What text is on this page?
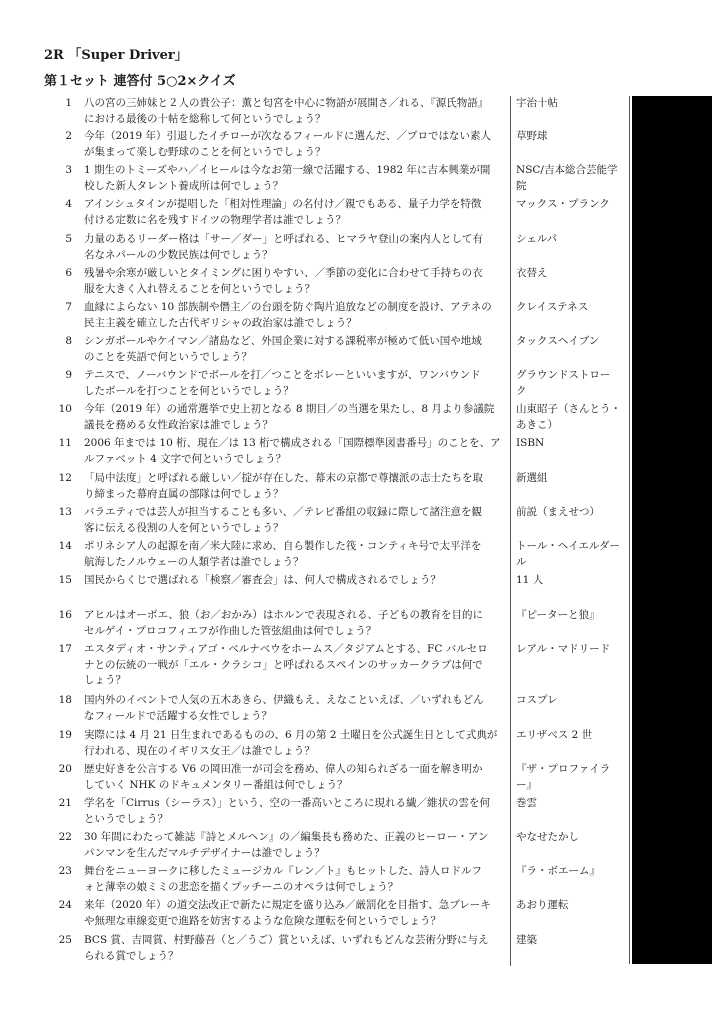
2R 「Super Driver」
第１セット 連答付 5○2×クイズ
1 八の宮の三姉妹と２人の貴公子：薫と匂宮を中心に物語が展開さ／れる、『源氏物語』
における最後の十帖を総称して何というでしょう？
宇治十帖
2 今年（2019 年）引退したイチローが次なるフィールドに選んだ、／プロではない素人
が集まって楽しむ野球のことを何というでしょう？
草野球
3 1 期生のトミーズやハ／イヒールは今なお第一線で活躍する、1982 年に吉本興業が開
校した新人タレント養成所は何でしょう？
NSC/吉本総合芸能学
院
4 アインシュタインが提唱した「相対性理論」の名付け／親でもある、量子力学を特徴
付ける定数に名を残すドイツの物理学者は誰でしょう？
マックス・プランク
5 力量のあるリーダー格は「サー／ダー」と呼ばれる、ヒマラヤ登山の案内人として有
名なネパールの少数民族は何でしょう？
シェルパ
6 残暑や余寒が厳しいとタイミングに困りやすい、／季節の変化に合わせて手持ちの衣
服を大きく入れ替えることを何というでしょう？
衣替え
7 血縁によらない 10 部族制や僭主／の台頭を防ぐ陶片追放などの制度を設け、アテネの
民主主義を確立した古代ギリシャの政治家は誰でしょう？
クレイステネス
8 シンガポールやケイマン／諸島など、外国企業に対する課税率が極めて低い国や地域
のことを英語で何というでしょう？
タックスヘイブン
9 テニスで、ノーバウンドでボールを打／つことをボレーといいますが、ワンバウンド
したボールを打つことを何というでしょう？
グラウンドストロー
ク
10 今年（2019 年）の通常選挙で史上初となる 8 期目／の当選を果たし、8 月より参議院
議長を務める女性政治家は誰でしょう？
山東昭子（さんとう・
あきこ）
11 2006 年までは 10 桁、現在／は 13 桁で構成される「国際標準図書番号」のことを、ア
ルファベット 4 文字で何というでしょう？
ISBN
12 「局中法度」と呼ばれる厳しい／掟が存在した、幕末の京都で尊攘派の志士たちを取
り締まった幕府直属の部隊は何でしょう？
新選組
13 バラエティでは芸人が担当することも多い、／テレビ番組の収録に際して諸注意を観
客に伝える役割の人を何というでしょう？
前説（まえせつ）
14 ポリネシア人の起源を南／米大陸に求め、自ら製作した筏・コンティキ号で太平洋を
航海したノルウェーの人類学者は誰でしょう？
トール・ヘイエルダー
ル
15 国民からくじで選ばれる「検察／審査会」は、何人で構成されるでしょう？	11 人
16 アヒルはオーボエ、狼（お／おかみ）はホルンで表現される、子どもの教育を目的に
セルゲイ・プロコフィエフが作曲した管弦組曲は何でしょう？
『ピーターと狼』
17 エスタディオ・サンティアゴ・ベルナベウをホームス／タジアムとする、FC バルセロ
ナとの伝統の一戦が「エル・クラシコ」と呼ばれるスペインのサッカークラブは何で
しょう？
レアル・マドリード
18 国内外のイベントで人気の五木あきら、伊織もえ、えなこといえば、／いずれもどん
なフィールドで活躍する女性でしょう？
コスプレ
19 実際には 4 月 21 日生まれであるものの、6 月の第 2 土曜日を公式誕生日として式典が
行われる、現在のイギリス女王／は誰でしょう？
エリザベス 2 世
20 歴史好きを公言する V6 の岡田准一が司会を務め、偉人の知られざる一面を解き明か
していく NHK のドキュメンタリー番組は何でしょう？
『ザ・プロファイラ
ー』
21 学名を「Cirrus（シーラス）」という、空の一番高いところに現れる繊／維状の雲を何
というでしょう？
巻雲
22 30 年間にわたって雑誌『詩とメルヘン』の／編集長も務めた、正義のヒーロー・アン
パンマンを生んだマルチデザイナーは誰でしょう？
やなせたかし
23 舞台をニューヨークに移したミュージカル『レン／ト』もヒットした、詩人ロドルフ
ォと薄幸の娘ミミの悲恋を描くプッチーニのオペラは何でしょう？
『ラ・ボエーム』
24 来年（2020 年）の道交法改正で新たに規定を盛り込み／厳罰化を目指す、急ブレーキ
や無理な車線変更で進路を妨害するような危険な運転を何というでしょう？
あおり運転
25 BCS 賞、吉岡賞、村野藤吾（と／うご）賞といえば、いずれもどんな芸術分野に与え
られる賞でしょう？
建築
